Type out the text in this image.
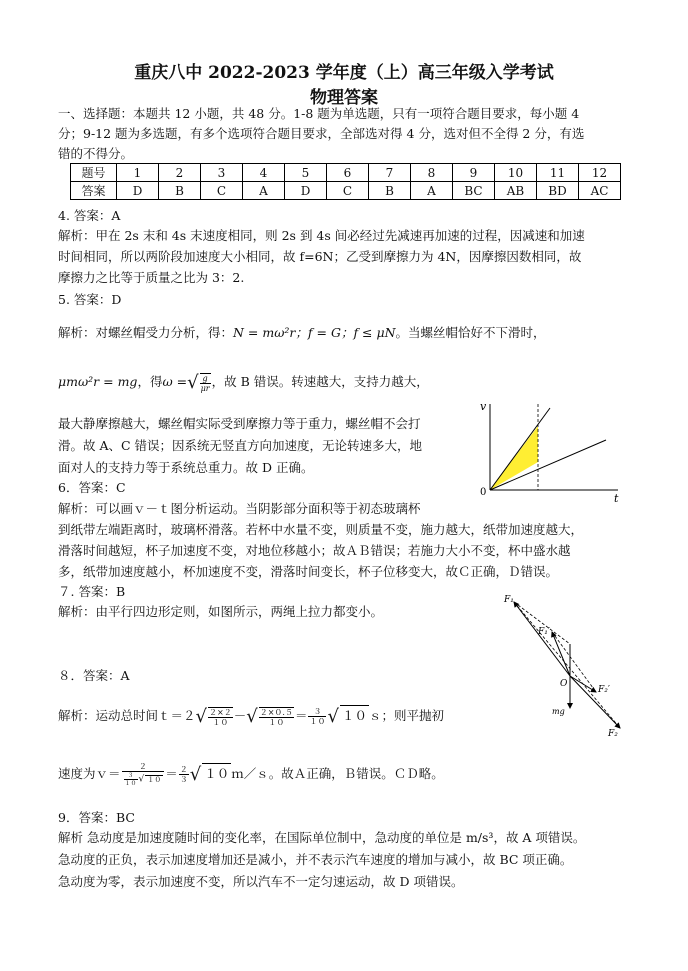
重庆八中 2022-2023 学年度（上）高三年级入学考试
物理答案
一、选择题：本题共 12 小题，共 48 分。1-8 题为单选题，只有一项符合题目要求，每小题 4
分；9-12 题为多选题，有多个选项符合题目要求，全部选对得 4 分，选对但不全得 2 分，有选
错的不得分。
题号	1	2	3	4	5	6	7	8	9	10	11	12
答案	D	B	C	A	D	C	B	A	BC	AB	BD	AC
4. 答案：A
解析：甲在 2s 末和 4s 末速度相同，则 2s 到 4s 间必经过先减速再加速的过程，因减速和加速
时间相同，所以两阶段加速度大小相同，故 f=6N；乙受到摩擦力为 4N，因摩擦因数相同，故
摩擦力之比等于质量之比为 3：2.
5. 答案：D
解析：对螺丝帽受力分析，得：N = mω²r；f = G；f ≤ μN。当螺丝帽恰好不下滑时，
μmω²r = mg，得ω =√ $\frac{g}{\mu r}$ ，故 B 错误。转速越大，支持力越大，
最大静摩擦越大，螺丝帽实际受到摩擦力等于重力，螺丝帽不会打
滑。故 A、C 错误；因系统无竖直方向加速度，无论转速多大，地
面对人的支持力等于系统总重力。故 D 正确。
v
t
0
6．答案：C
解析：可以画ｖ－ｔ图分析运动。当阴影部分面积等于初态玻璃杯
到纸带左端距离时，玻璃杯滑落。若杯中水量不变，则质量不变，施力越大，纸带加速度越大，
滑落时间越短，杯子加速度不变，对地位移越小；故ＡＢ错误；若施力大小不变，杯中盛水越
多，纸带加速度越小，杯加速度不变，滑落时间变长，杯子位移变大，故Ｃ正确，Ｄ错误。
７. 答案：B
解析：由平行四边形定则，如图所示，两绳上拉力都变小。
F₁
F₁′
F₂
F₂′
O
mg
８．答案：A
解析：运动总时间ｔ＝２√ $\frac{2\times 2}{10}$ －√ $\frac{2\times 0.5}{10} = \frac{3}{10}$ √ １０ ｓ；则平抛初
速度为ｖ＝ $\frac{2}{\frac{3}{10} √ 10} = \frac{2}{3}$ √ １０ ｍ／ｓ。故Ａ正确，Ｂ错误。ＣＤ略。
9．答案：BC
解析 急动度是加速度随时间的变化率，在国际单位制中，急动度的单位是 m/s³，故 A 项错误。
急动度的正负，表示加速度增加还是减小，并不表示汽车速度的增加与减小，故 BC 项正确。
急动度为零，表示加速度不变，所以汽车不一定匀速运动，故 D 项错误。
